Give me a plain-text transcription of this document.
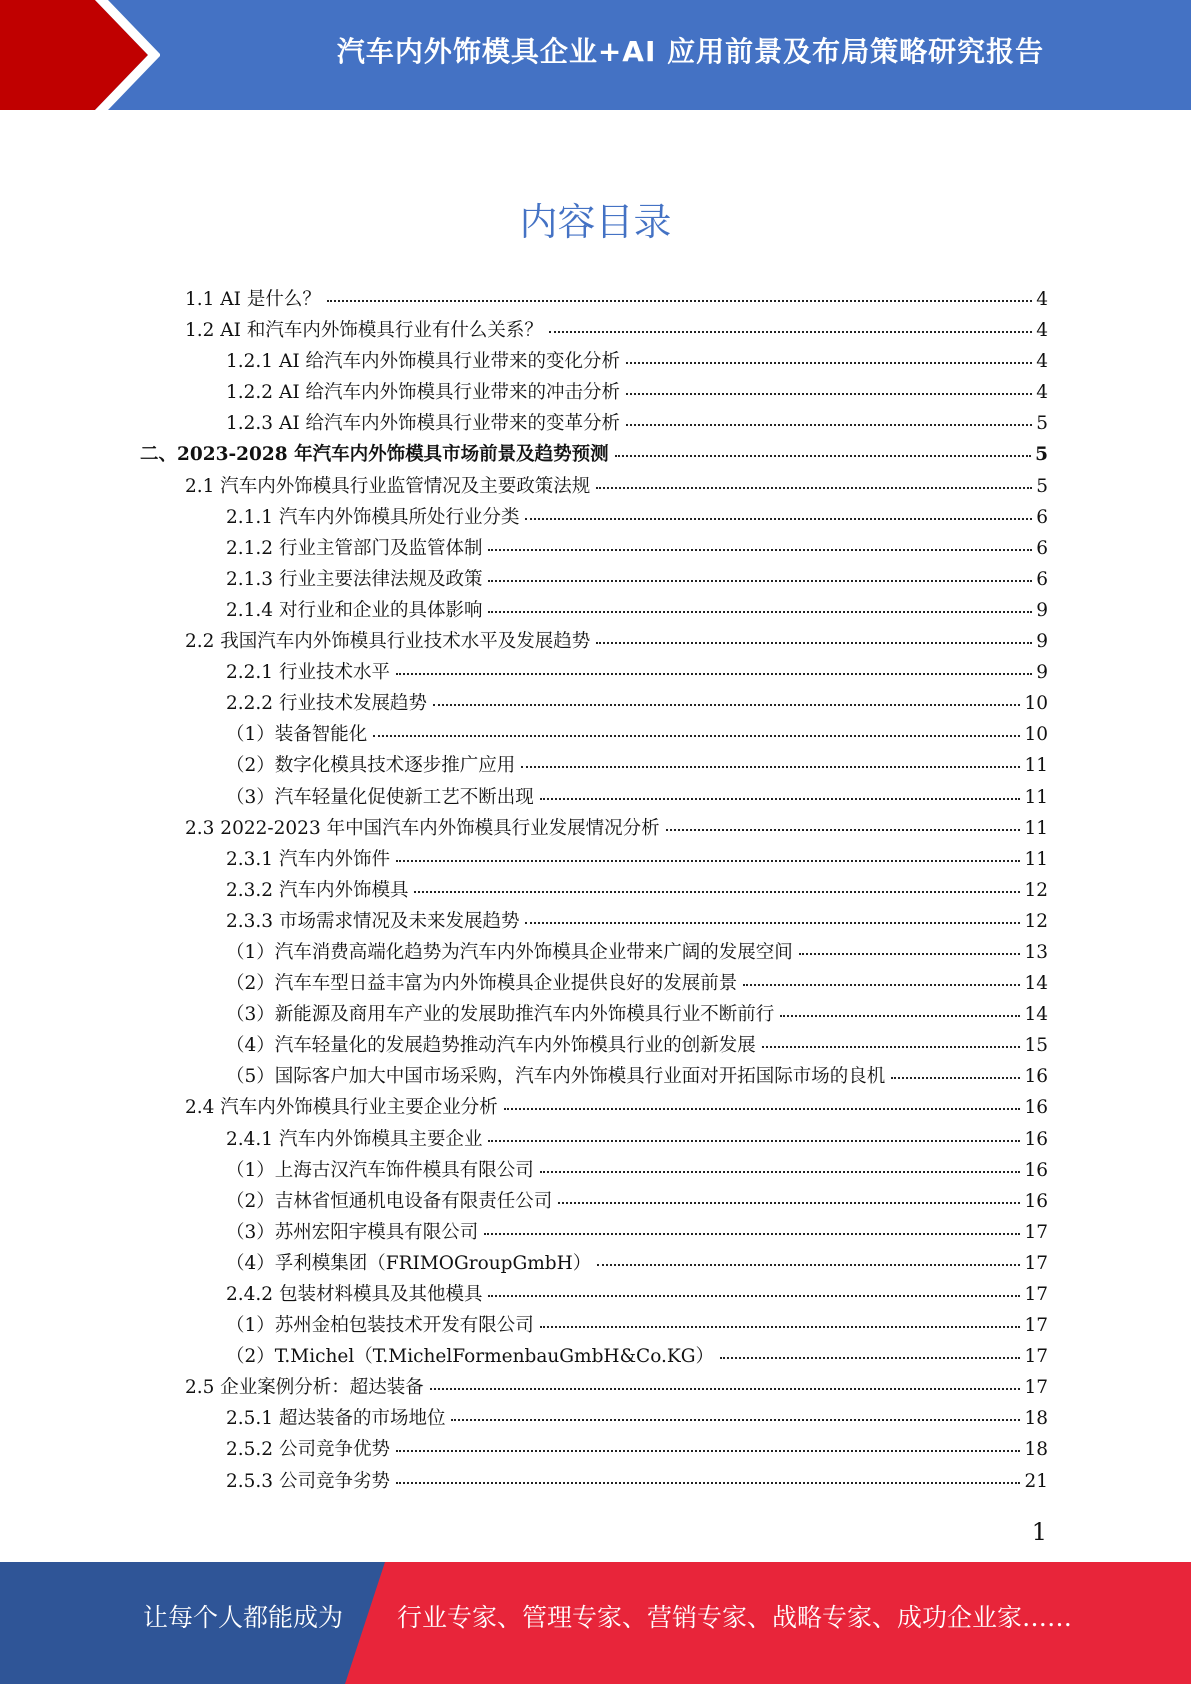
汽车内外饰模具企业+AI 应用前景及布局策略研究报告
内容目录
1.1 AI 是什么？	4
1.2 AI 和汽车内外饰模具行业有什么关系？	4
1.2.1 AI 给汽车内外饰模具行业带来的变化分析	4
1.2.2 AI 给汽车内外饰模具行业带来的冲击分析	4
1.2.3 AI 给汽车内外饰模具行业带来的变革分析	5
二、2023-2028 年汽车内外饰模具市场前景及趋势预测	5
2.1 汽车内外饰模具行业监管情况及主要政策法规	5
2.1.1 汽车内外饰模具所处行业分类	6
2.1.2 行业主管部门及监管体制	6
2.1.3 行业主要法律法规及政策	6
2.1.4 对行业和企业的具体影响	9
2.2 我国汽车内外饰模具行业技术水平及发展趋势	9
2.2.1 行业技术水平	9
2.2.2 行业技术发展趋势	10
（1）装备智能化	10
（2）数字化模具技术逐步推广应用	11
（3）汽车轻量化促使新工艺不断出现	11
2.3 2022-2023 年中国汽车内外饰模具行业发展情况分析	11
2.3.1 汽车内外饰件	11
2.3.2 汽车内外饰模具	12
2.3.3 市场需求情况及未来发展趋势	12
（1）汽车消费高端化趋势为汽车内外饰模具企业带来广阔的发展空间	13
（2）汽车车型日益丰富为内外饰模具企业提供良好的发展前景	14
（3）新能源及商用车产业的发展助推汽车内外饰模具行业不断前行	14
（4）汽车轻量化的发展趋势推动汽车内外饰模具行业的创新发展	15
（5）国际客户加大中国市场采购，汽车内外饰模具行业面对开拓国际市场的良机	16
2.4 汽车内外饰模具行业主要企业分析	16
2.4.1 汽车内外饰模具主要企业	16
（1）上海古汉汽车饰件模具有限公司	16
（2）吉林省恒通机电设备有限责任公司	16
（3）苏州宏阳宇模具有限公司	17
（4）孚利模集团（FRIMOGroupGmbH）	17
2.4.2 包装材料模具及其他模具	17
（1）苏州金柏包装技术开发有限公司	17
（2）T.Michel（T.MichelFormenbauGmbH&Co.KG）	17
2.5 企业案例分析：超达装备	17
2.5.1 超达装备的市场地位	18
2.5.2 公司竞争优势	18
2.5.3 公司竞争劣势	21
1
让每个人都能成为 行业专家、管理专家、营销专家、战略专家、成功企业家……
